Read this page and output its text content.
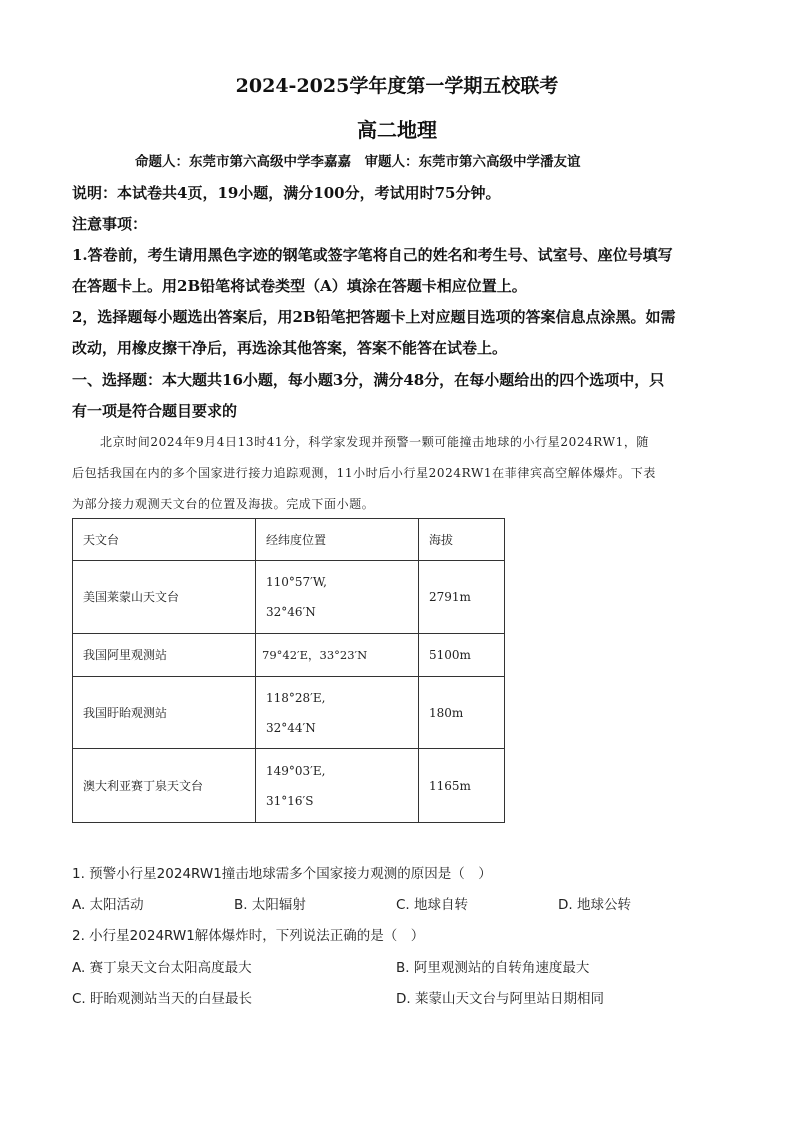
2024-2025学年度第一学期五校联考
高二地理
命题人：东莞市第六高级中学李嘉嘉　审题人：东莞市第六高级中学潘友谊
说明：本试卷共4页，19小题，满分100分，考试用时75分钟。
注意事项：
1.答卷前，考生请用黑色字迹的钢笔或签字笔将自己的姓名和考生号、试室号、座位号填写
在答题卡上。用2B铅笔将试卷类型（A）填涂在答题卡相应位置上。
2，选择题每小题选出答案后，用2B铅笔把答题卡上对应题目选项的答案信息点涂黑。如需
改动，用橡皮擦干净后，再选涂其他答案，答案不能答在试卷上。
一、选择题：本大题共16小题，每小题3分，满分48分，在每小题给出的四个选项中，只
有一项是符合题目要求的
北京时间2024年9月4日13时41分，科学家发现并预警一颗可能撞击地球的小行星2024RW1，随
后包括我国在内的多个国家进行接力追踪观测，11小时后小行星2024RW1在菲律宾高空解体爆炸。下表
为部分接力观测天文台的位置及海拔。完成下面小题。
天文台	经纬度位置	海拔
美国莱蒙山天文台	110°57′W,
32°46′N	2791m
我国阿里观测站	79°42′E，33°23′N	5100m
我国盱眙观测站	118°28′E,
32°44′N	180m
澳大利亚赛丁泉天文台	149°03′E,
31°16′S	1165m
1. 预警小行星2024RW1撞击地球需多个国家接力观测的原因是（　）
A. 太阳活动	B. 太阳辐射	C. 地球自转	D. 地球公转
2. 小行星2024RW1解体爆炸时，下列说法正确的是（　）
A. 赛丁泉天文台太阳高度最大	B. 阿里观测站的自转角速度最大
C. 盱眙观测站当天的白昼最长	D. 莱蒙山天文台与阿里站日期相同
